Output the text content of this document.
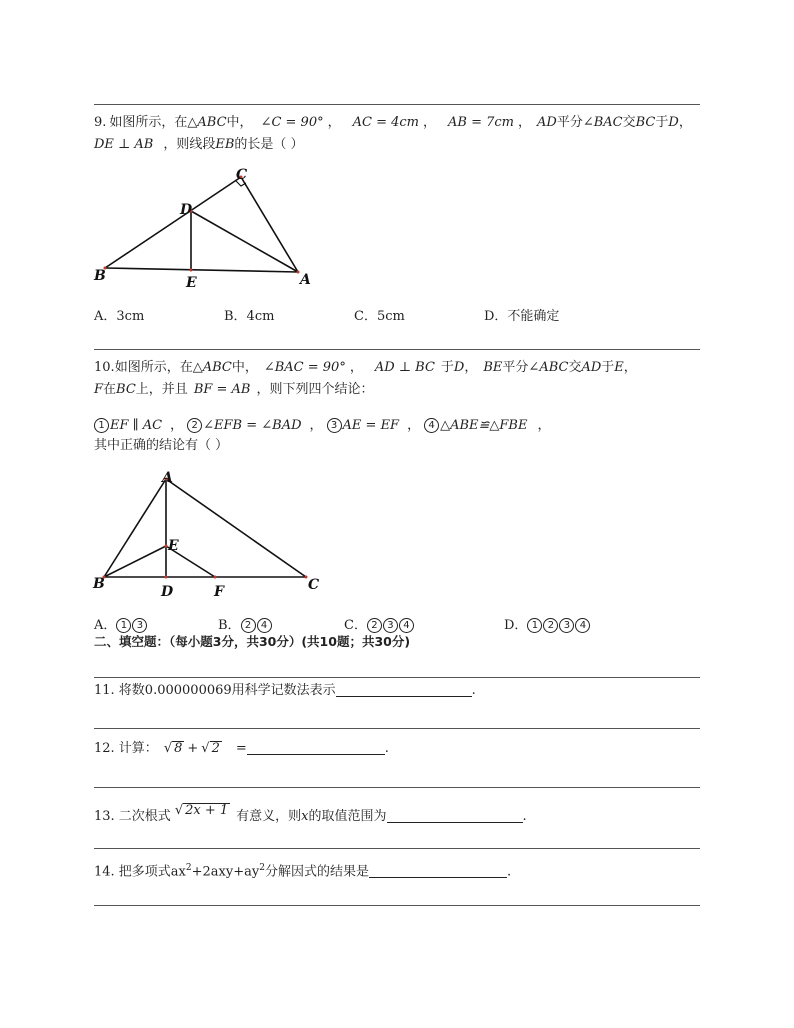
9. 如图所示，在△ABC中， ∠C = 90° ， AC = 4cm ， AB = 7cm ， AD平分∠BAC交BC于D，
DE ⊥ AB ，则线段EB的长是（ ）
C
D
B	E	A
A．3cm	B．4cm	C．5cm	D．不能确定
10.如图所示，在△ABC中， ∠BAC = 90° ， AD ⊥ BC 于D， BE平分∠ABC交AD于E，
F在BC上，并且 BF = AB ，则下列四个结论：
1 EF ∥ AC ， 2 ∠EFB = ∠BAD ， 3 AE = EF ， 4 △ABE≌△FBE ，
其中正确的结论有（ ）
A
E
B	D	F	C
A． 1 3	B． 2 4	C． 2 3 4	D． 1 2 3 4
二、填空题：（每小题3分，共30分）(共10题；共30分)
11. 将数0.000000069用科学记数法表示	.
12. 计算： √ 8 + √ 2 =	.
13. 二次根式 √ 2x + 1 有意义，则x的取值范围为	.
14. 把多项式$ax^2+2axy+ay^2$分解因式的结果是	.
